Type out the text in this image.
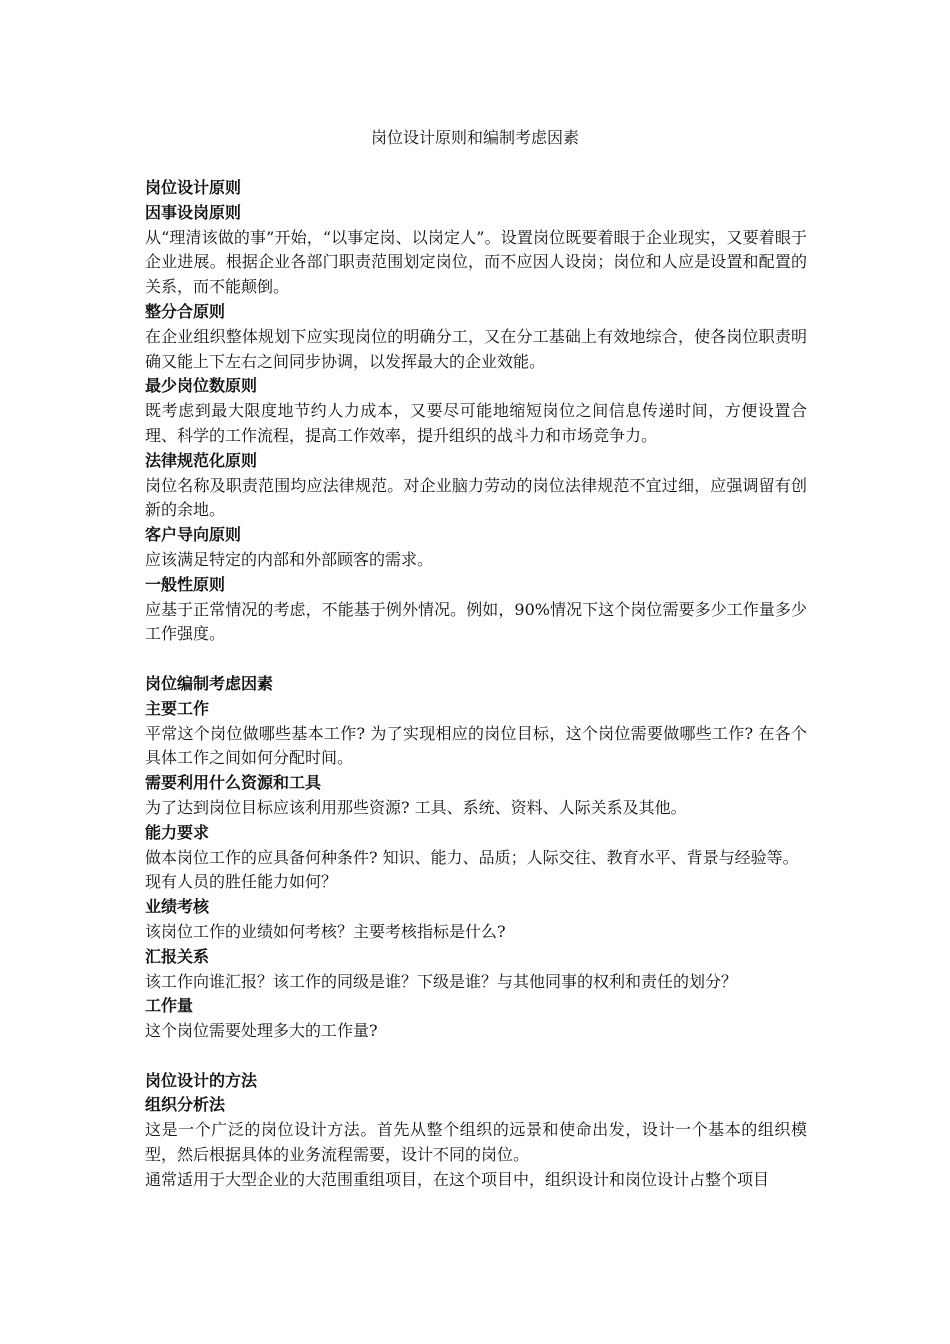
岗位设计原则和编制考虑因素
岗位设计原则
因事设岗原则
从“理清该做的事”开始，“以事定岗、以岗定人”。设置岗位既要着眼于企业现实，又要着眼于企业进展。根据企业各部门职责范围划定岗位，而不应因人设岗；岗位和人应是设置和配置的关系，而不能颠倒。
整分合原则
在企业组织整体规划下应实现岗位的明确分工，又在分工基础上有效地综合，使各岗位职责明确又能上下左右之间同步协调，以发挥最大的企业效能。
最少岗位数原则
既考虑到最大限度地节约人力成本，又要尽可能地缩短岗位之间信息传递时间，方便设置合理、科学的工作流程，提高工作效率，提升组织的战斗力和市场竞争力。
法律规范化原则
岗位名称及职责范围均应法律规范。对企业脑力劳动的岗位法律规范不宜过细，应强调留有创新的余地。
客户导向原则
应该满足特定的内部和外部顾客的需求。
一般性原则
应基于正常情况的考虑，不能基于例外情况。例如，90%情况下这个岗位需要多少工作量多少工作强度。
岗位编制考虑因素
主要工作
平常这个岗位做哪些基本工作? 为了实现相应的岗位目标，这个岗位需要做哪些工作? 在各个具体工作之间如何分配时间。
需要利用什么资源和工具
为了达到岗位目标应该利用那些资源? 工具、系统、资料、人际关系及其他。
能力要求
做本岗位工作的应具备何种条件? 知识、能力、品质；人际交往、教育水平、背景与经验等。
现有人员的胜任能力如何？
业绩考核
该岗位工作的业绩如何考核？主要考核指标是什么?
汇报关系
该工作向谁汇报？该工作的同级是谁？下级是谁？与其他同事的权利和责任的划分？
工作量
这个岗位需要处理多大的工作量?
岗位设计的方法
组织分析法
这是一个广泛的岗位设计方法。首先从整个组织的远景和使命出发，设计一个基本的组织模型，然后根据具体的业务流程需要，设计不同的岗位。
通常适用于大型企业的大范围重组项目，在这个项目中，组织设计和岗位设计占整个项目
